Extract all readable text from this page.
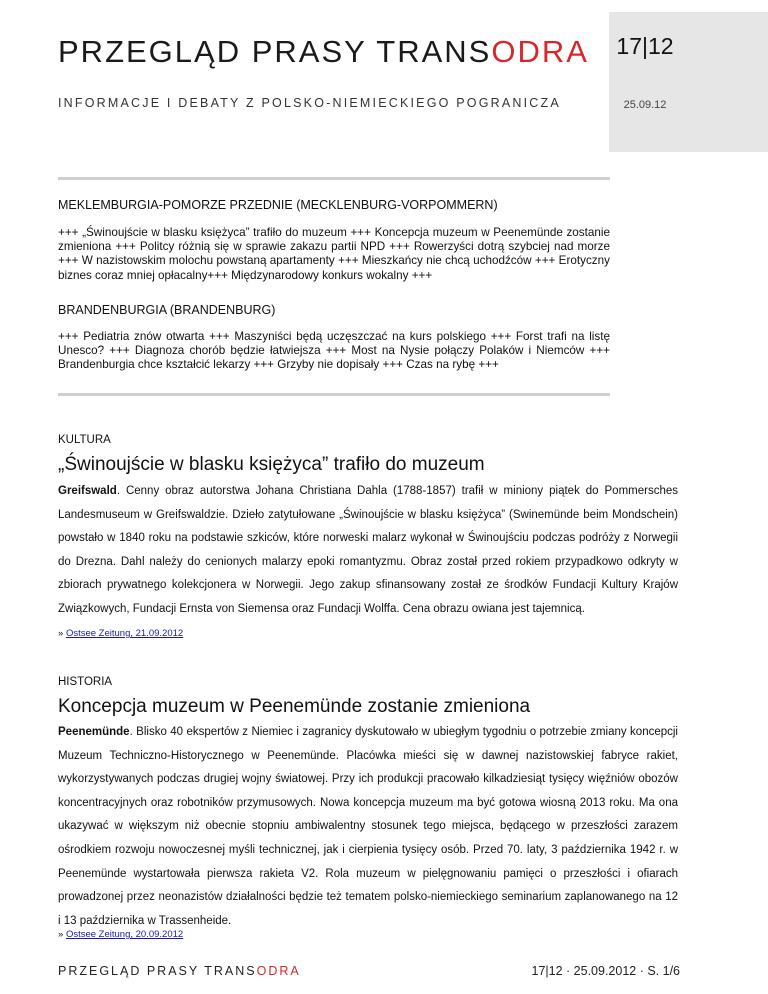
PRZEGLĄD PRASY TRANSODRA
INFORMACJE I DEBATY Z POLSKO-NIEMIECKIEGO POGRANICZA
17|12
25.09.12
MEKLEMBURGIA-POMORZE PRZEDNIE (MECKLENBURG-VORPOMMERN)
+++ „Świnoujście w blasku księżyca” trafiło do muzeum +++ Koncepcja muzeum w Peenemünde zostanie zmieniona +++ Politcy różnią się w sprawie zakazu partii NPD +++ Rowerzyści dotrą szybciej nad morze +++ W nazistowskim molochu powstaną apartamenty +++ Mieszkańcy nie chcą uchodźców +++ Erotyczny biznes coraz mniej opłacalny+++ Międzynarodowy konkurs wokalny +++
BRANDENBURGIA (BRANDENBURG)
+++ Pediatria znów otwarta +++ Maszyniści będą uczęszczać na kurs polskiego +++ Forst trafi na listę Unesco? +++ Diagnoza chorób będzie łatwiejsza +++ Most na Nysie połączy Polaków i Niemców +++ Brandenburgia chce kształcić lekarzy +++ Grzyby nie dopisały +++ Czas na rybę +++
KULTURA
„Świnoujście w blasku księżyca” trafiło do muzeum
Greifswald. Cenny obraz autorstwa Johana Christiana Dahla (1788-1857) trafił w miniony piątek do Pommersches Landesmuseum w Greifswaldzie. Dzieło zatytułowane „Świnoujście w blasku księżyca” (Swinemünde beim Mondschein) powstało w 1840 roku na podstawie szkiców, które norweski malarz wykonał w Świnoujściu podczas podróży z Norwegii do Drezna. Dahl należy do cenionych malarzy epoki romantyzmu. Obraz został przed rokiem przypadkowo odkryty w zbiorach prywatnego kolekcjonera w Norwegii. Jego zakup sfinansowany został ze środków Fundacji Kultury Krajów Związkowych, Fundacji Ernsta von Siemensa oraz Fundacji Wolffa. Cena obrazu owiana jest tajemnicą.
» Ostsee Zeitung, 21.09.2012
HISTORIA
Koncepcja muzeum w Peenemünde zostanie zmieniona
Peenemünde. Blisko 40 ekspertów z Niemiec i zagranicy dyskutowało w ubiegłym tygodniu o potrzebie zmiany koncepcji Muzeum Techniczno-Historycznego w Peenemünde. Placówka mieści się w dawnej nazistowskiej fabryce rakiet, wykorzystywanych podczas drugiej wojny światowej. Przy ich produkcji pracowało kilkadziesiąt tysięcy więźniów obozów koncentracyjnych oraz robotników przymusowych. Nowa koncepcja muzeum ma być gotowa wiosną 2013 roku. Ma ona ukazywać w większym niż obecnie stopniu ambiwalentny stosunek tego miejsca, będącego w przeszłości zarazem ośrodkiem rozwoju nowoczesnej myśli technicznej, jak i cierpienia tysięcy osób. Przed 70. laty, 3 października 1942 r. w Peenemünde wystartowała pierwsza rakieta V2. Rola muzeum w pielęgnowaniu pamięci o przeszłości i ofiarach prowadzonej przez neonazistów działalności będzie też tematem polsko-niemieckiego seminarium zaplanowanego na 12 i 13 października w Trassenheide.
» Ostsee Zeitung, 20.09.2012
PRZEGLĄD PRASY TRANSODRA	17|12 · 25.09.2012 · S. 1/6
